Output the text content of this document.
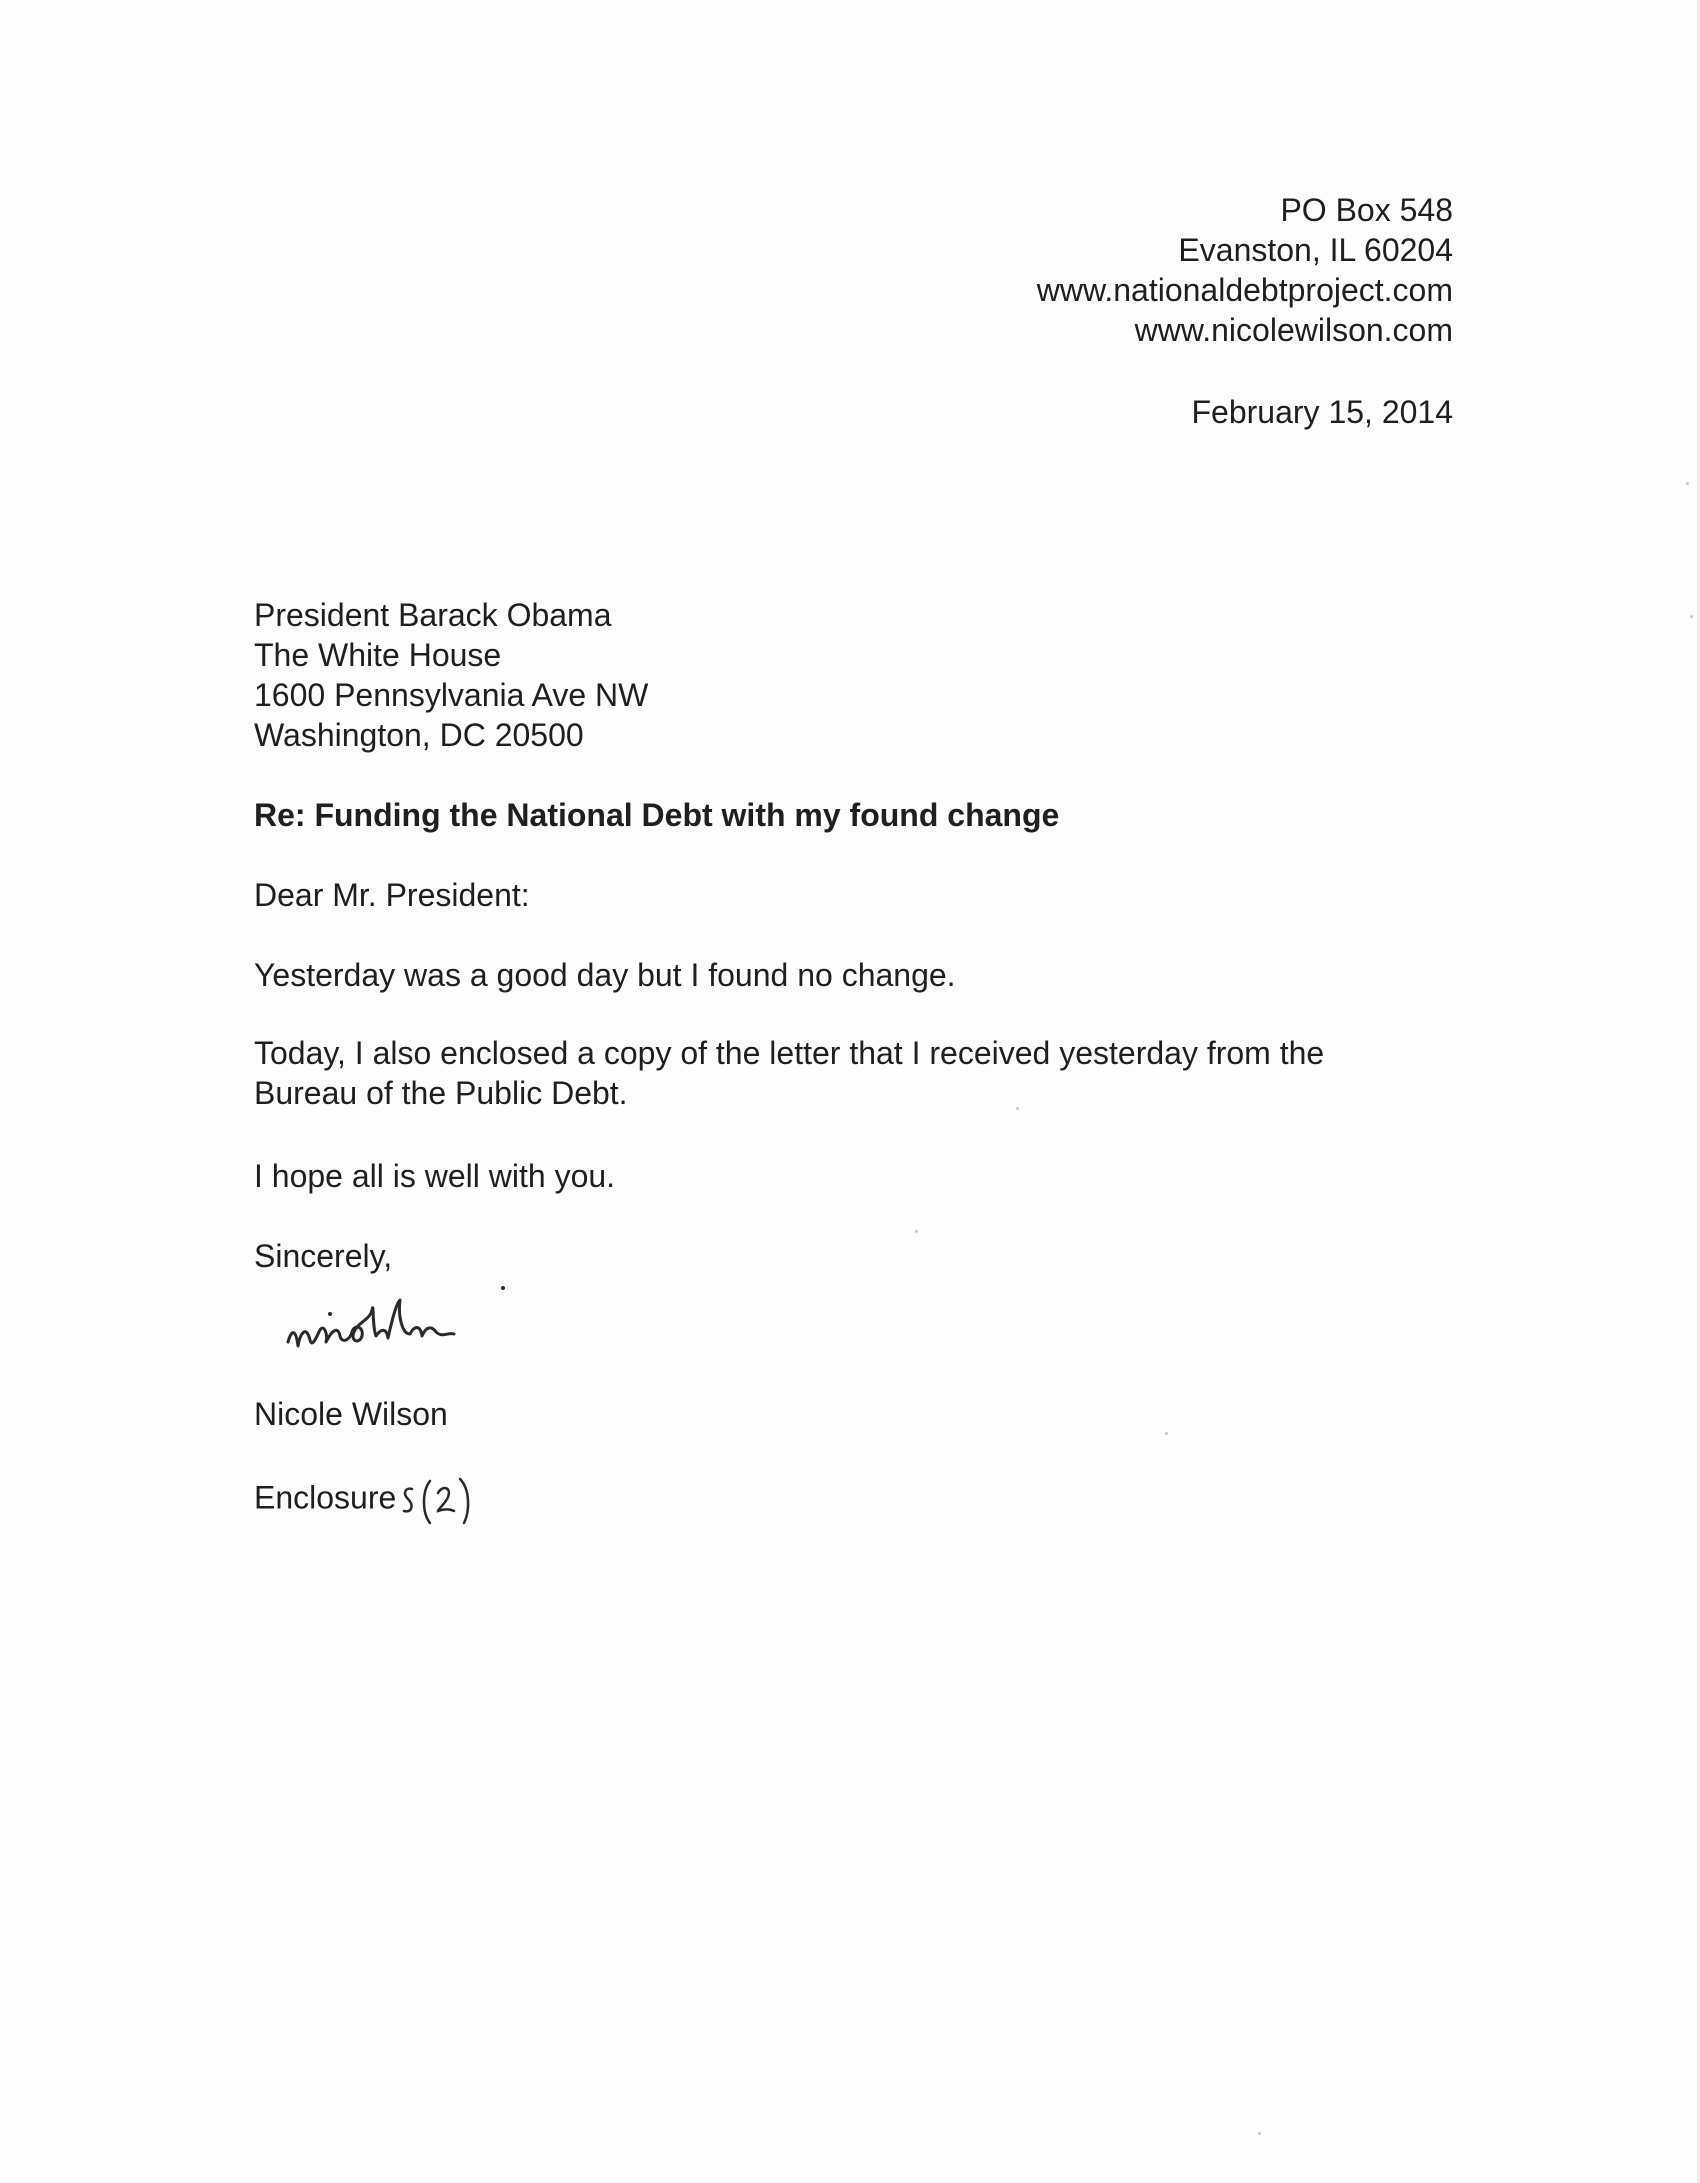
PO Box 548
Evanston, IL 60204
www.nationaldebtproject.com
www.nicolewilson.com
February 15, 2014
President Barack Obama
The White House
1600 Pennsylvania Ave NW
Washington, DC 20500
Re: Funding the National Debt with my found change
Dear Mr. President:
Yesterday was a good day but I found no change.
Today, I also enclosed a copy of the letter that I received yesterday from the Bureau of the Public Debt.
I hope all is well with you.
Sincerely,
Nicole Wilson
Enclosure
